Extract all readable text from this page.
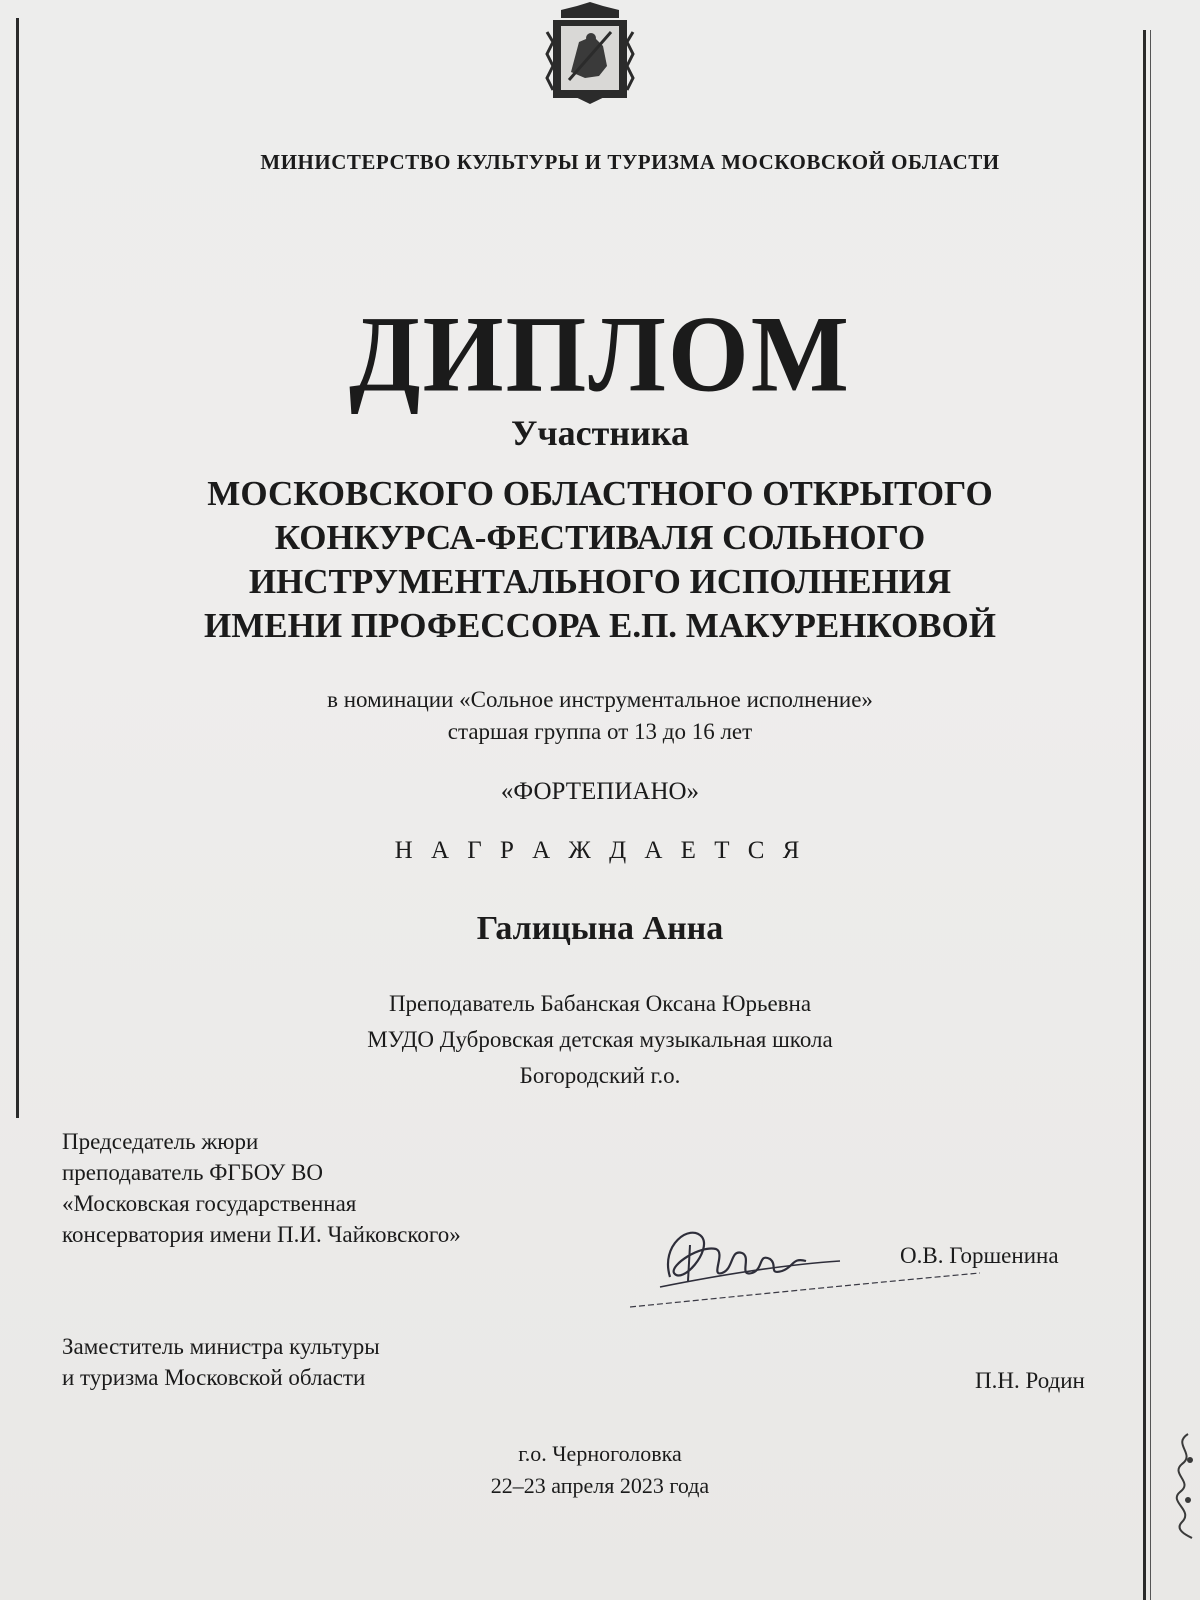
МИНИСТЕРСТВО КУЛЬТУРЫ И ТУРИЗМА МОСКОВСКОЙ ОБЛАСТИ
ДИПЛОМ
Участника
МОСКОВСКОГО ОБЛАСТНОГО ОТКРЫТОГО
КОНКУРСА-ФЕСТИВАЛЯ СОЛЬНОГО
ИНСТРУМЕНТАЛЬНОГО ИСПОЛНЕНИЯ
ИМЕНИ ПРОФЕССОРА Е.П. МАКУРЕНКОВОЙ
в номинации «Сольное инструментальное исполнение»
старшая группа от 13 до 16 лет
«ФОРТЕПИАНО»
Н А Г Р А Ж Д А Е Т С Я
Галицына Анна
Преподаватель Бабанская Оксана Юрьевна
МУДО Дубровская детская музыкальная школа
Богородский г.о.
Председатель жюри
преподаватель ФГБОУ ВО
«Московская государственная
консерватория имени П.И. Чайковского»
О.В. Горшенина
Заместитель министра культуры
и туризма Московской области	П.Н. Родин
г.о. Черноголовка
22–23 апреля 2023 года
